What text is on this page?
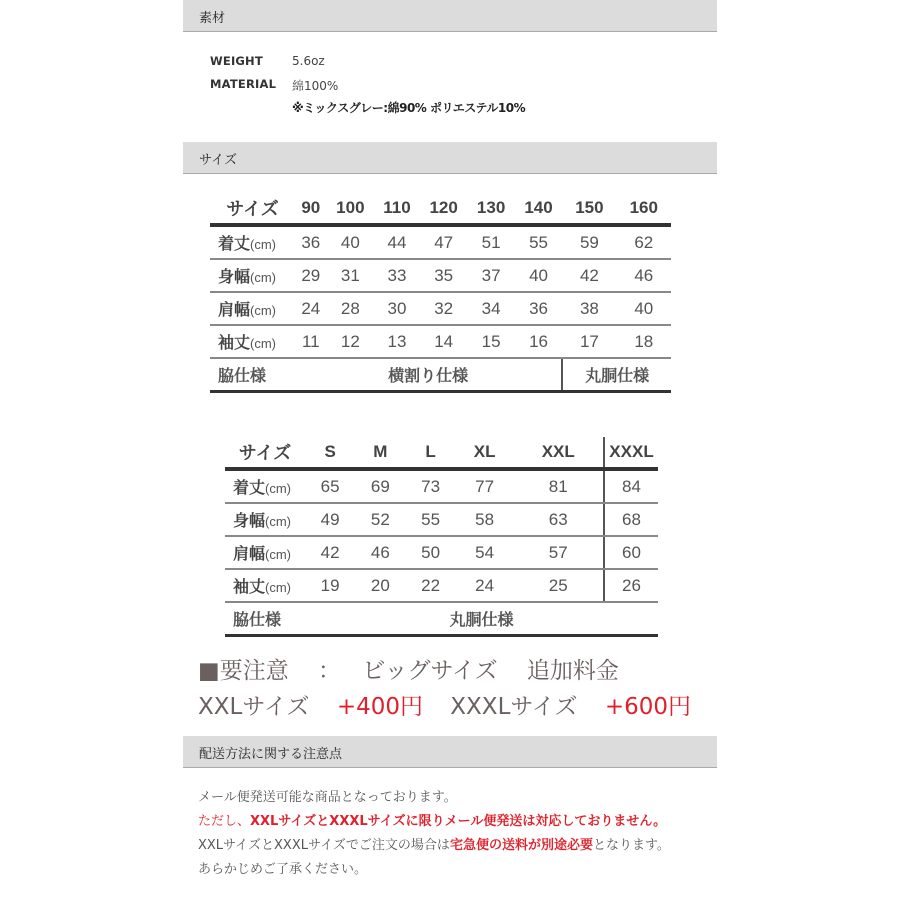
素材
WEIGHT 5.6oz
MATERIAL 綿100%
※ミックスグレー:綿90% ポリエステル10%
サイズ
サイズ	90	100	110	120	130	140	150	160
着丈(cm)	36	40	44	47	51	55	59	62
身幅(cm)	29	31	33	35	37	40	42	46
肩幅(cm)	24	28	30	32	34	36	38	40
袖丈(cm)	11	12	13	14	15	16	17	18
脇仕様	横割り仕様						丸胴仕様	
サイズ	S	M	L	XL	XXL	XXXL
着丈(cm)	65	69	73	77	81	84
身幅(cm)	49	52	55	58	63	68
肩幅(cm)	42	46	50	54	57	60
袖丈(cm)	19	20	22	24	25	26
脇仕様	丸胴仕様					
■要注意 ： ビッグサイズ 追加料金
XXLサイズ +400円 XXXLサイズ +600円
配送方法に関する注意点
メール便発送可能な商品となっております。
ただし、XXLサイズとXXXLサイズに限りメール便発送は対応しておりません。
XXLサイズとXXXLサイズでご注文の場合は宅急便の送料が別途必要となります。
あらかじめご了承ください。
